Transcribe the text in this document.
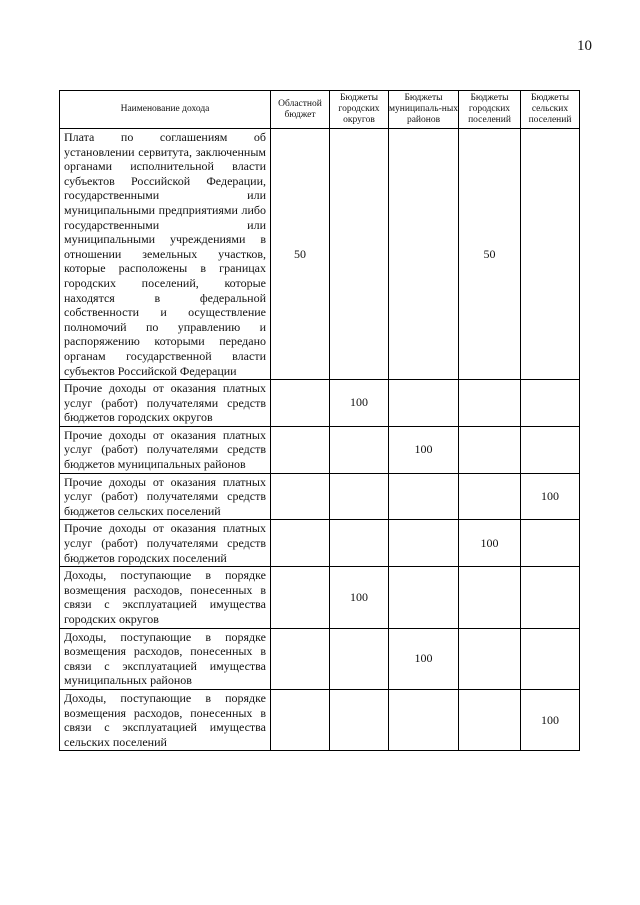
10
Наименование дохода	Областной бюджет	Бюджеты городских округов	Бюджеты муниципаль-ных районов	Бюджеты городских поселений	Бюджеты сельских поселений
Плата по соглашениям об установлении сервитута, заключенным органами исполнительной власти субъектов Российской Федерации, государственными или муниципальными предприятиями либо государственными или муниципальными учреждениями в отношении земельных участков, которые расположены в границах городских поселений, которые находятся в федеральной собственности и осуществление полномочий по управлению и распоряжению которыми передано органам государственной власти субъектов Российской Федерации	50			50	
Прочие доходы от оказания платных услуг (работ) получателями средств бюджетов городских округов		100			
Прочие доходы от оказания платных услуг (работ) получателями средств бюджетов муниципальных районов			100		
Прочие доходы от оказания платных услуг (работ) получателями средств бюджетов сельских поселений					100
Прочие доходы от оказания платных услуг (работ) получателями средств бюджетов городских поселений				100	
Доходы, поступающие в порядке возмещения расходов, понесенных в связи с эксплуатацией имущества городских округов		100			
Доходы, поступающие в порядке возмещения расходов, понесенных в связи с эксплуатацией имущества муниципальных районов			100		
Доходы, поступающие в порядке возмещения расходов, понесенных в связи с эксплуатацией имущества сельских поселений					100
